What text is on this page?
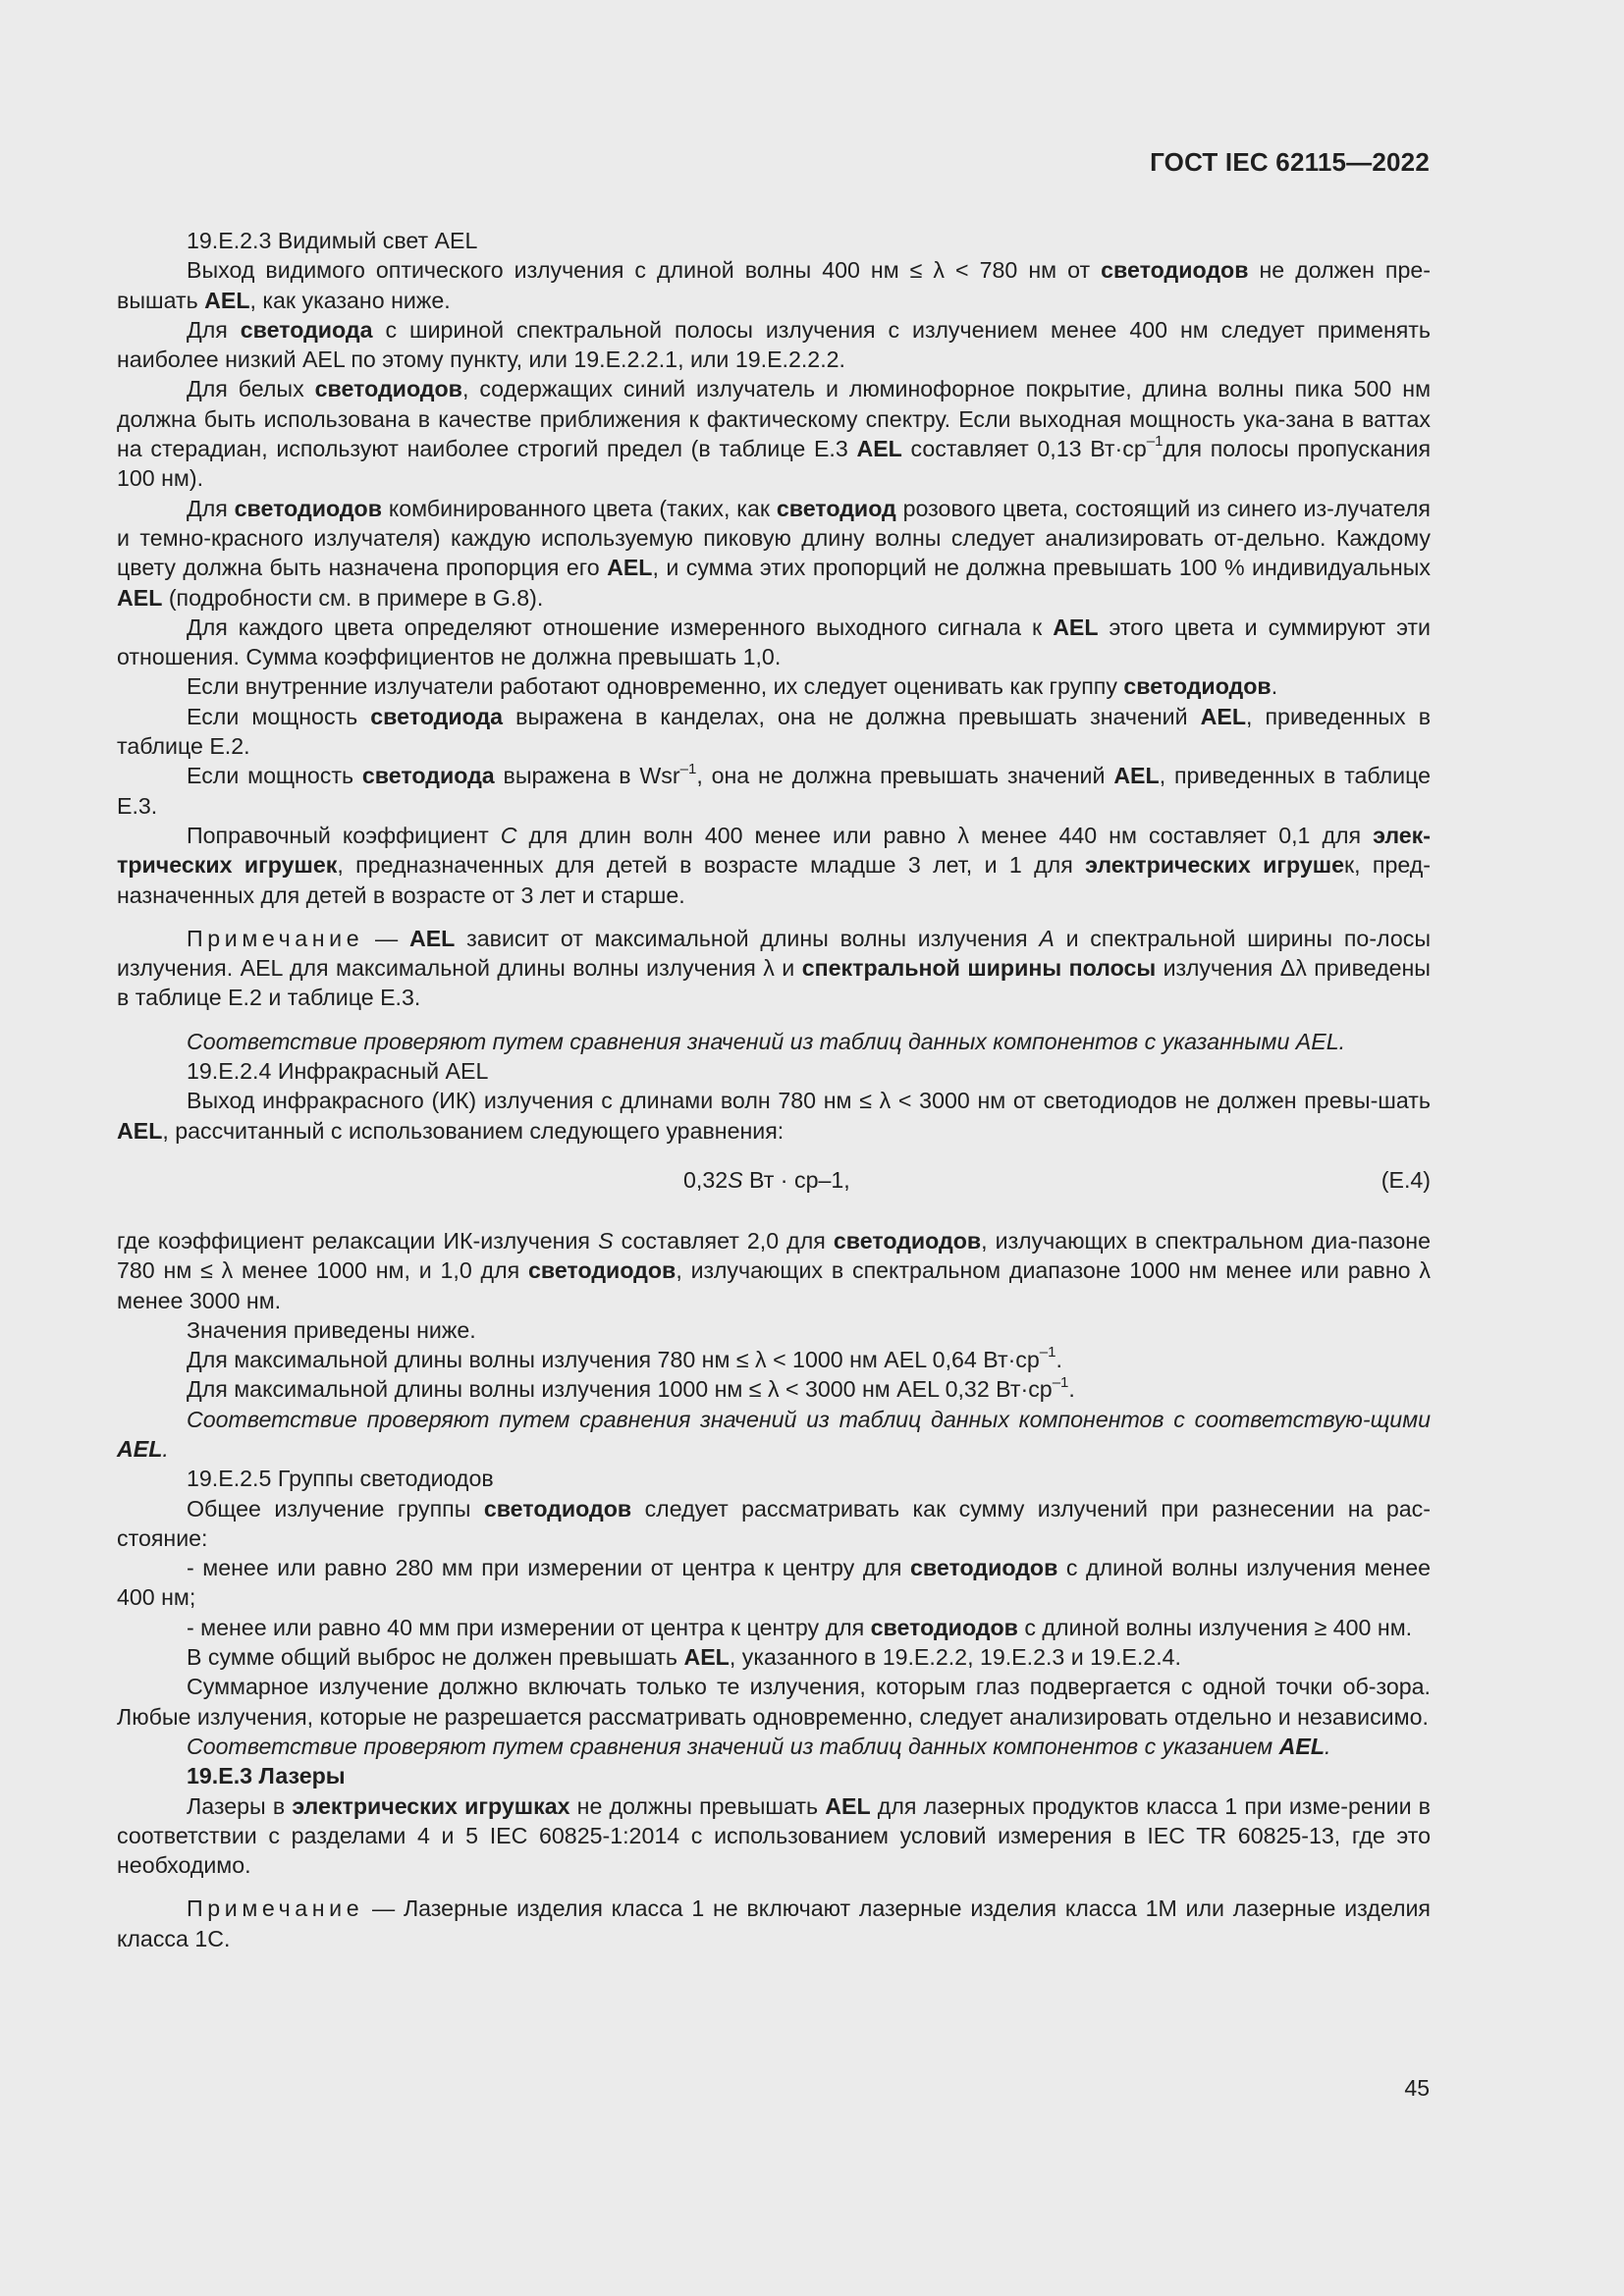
ГОСТ IEC 62115—2022

19.E.2.3 Видимый свет AEL

Выход видимого оптического излучения с длиной волны 400 нм ≤ λ < 780 нм от светодиодов не должен пре-вышать AEL, как указано ниже.

Для светодиода с шириной спектральной полосы излучения с излучением менее 400 нм следует применять наиболее низкий AEL по этому пункту, или 19.E.2.2.1, или 19.E.2.2.2.

Для белых светодиодов, содержащих синий излучатель и люминофорное покрытие, длина волны пика 500 нм должна быть использована в качестве приближения к фактическому спектру. Если выходная мощность ука-зана в ваттах на стерадиан, используют наиболее строгий предел (в таблице E.3 AEL составляет 0,13 $Вт\cdot ср^{-1}для$ полосы пропускания 100 нм).

Для светодиодов комбинированного цвета (таких, как светодиод розового цвета, состоящий из синего из-лучателя и темно-красного излучателя) каждую используемую пиковую длину волны следует анализировать от-дельно. Каждому цвету должна быть назначена пропорция его AEL, и сумма этих пропорций не должна превышать 100 % индивидуальных AEL (подробности см. в примере в G.8).

Для каждого цвета определяют отношение измеренного выходного сигнала к AEL этого цвета и суммируют эти отношения. Сумма коэффициентов не должна превышать 1,0.

Если внутренние излучатели работают одновременно, их следует оценивать как группу светодиодов.

Если мощность светодиода выражена в канделах, она не должна превышать значений AEL, приведенных в таблице E.2.

Если мощность светодиода выражена в Wsr$^{-1}$, она не должна превышать значений AEL, приведенных в таблице E.3.

Поправочный коэффициент C для длин волн 400 менее или равно λ менее 440 нм составляет 0,1 для элек-трических игрушек, предназначенных для детей в возрасте младше 3 лет, и 1 для электрических игрушек, пред-назначенных для детей в возрасте от 3 лет и старше.

Примечание — AEL зависит от максимальной длины волны излучения A и спектральной ширины по-лосы излучения. AEL для максимальной длины волны излучения λ и спектральной ширины полосы излучения Δλ приведены в таблице E.2 и таблице E.3.

Соответствие проверяют путем сравнения значений из таблиц данных компонентов с указанными AEL.

19.E.2.4 Инфракрасный AEL

Выход инфракрасного (ИК) излучения с длинами волн 780 нм ≤ λ < 3000 нм от светодиодов не должен превы-шать AEL, рассчитанный с использованием следующего уравнения:

0,32S Вт · ср–1,	(E.4)

где коэффициент релаксации ИК-излучения S составляет 2,0 для светодиодов, излучающих в спектральном диа-пазоне 780 нм ≤ λ менее 1000 нм, и 1,0 для светодиодов, излучающих в спектральном диапазоне 1000 нм менее или равно λ менее 3000 нм.

Значения приведены ниже.

Для максимальной длины волны излучения 780 нм ≤ λ < 1000 нм AEL 0,64 $Вт\cdot ср^{-1}$.

Для максимальной длины волны излучения 1000 нм ≤ λ < 3000 нм AEL 0,32 $Вт\cdot ср^{-1}$.

Соответствие проверяют путем сравнения значений из таблиц данных компонентов с соответствую-щими AEL.

19.E.2.5 Группы светодиодов

Общее излучение группы светодиодов следует рассматривать как сумму излучений при разнесении на рас-стояние:

- менее или равно 280 мм при измерении от центра к центру для светодиодов с длиной волны излучения менее 400 нм;

- менее или равно 40 мм при измерении от центра к центру для светодиодов с длиной волны излучения ≥ 400 нм.

В сумме общий выброс не должен превышать AEL, указанного в 19.E.2.2, 19.E.2.3 и 19.E.2.4.

Суммарное излучение должно включать только те излучения, которым глаз подвергается с одной точки об-зора. Любые излучения, которые не разрешается рассматривать одновременно, следует анализировать отдельно и независимо.

Соответствие проверяют путем сравнения значений из таблиц данных компонентов с указанием AEL.

19.E.3 Лазеры

Лазеры в электрических игрушках не должны превышать AEL для лазерных продуктов класса 1 при изме-рении в соответствии с разделами 4 и 5 IEC 60825-1:2014 с использованием условий измерения в IEC TR 60825-13, где это необходимо.

Примечание — Лазерные изделия класса 1 не включают лазерные изделия класса 1М или лазерные изделия класса 1С.

45
